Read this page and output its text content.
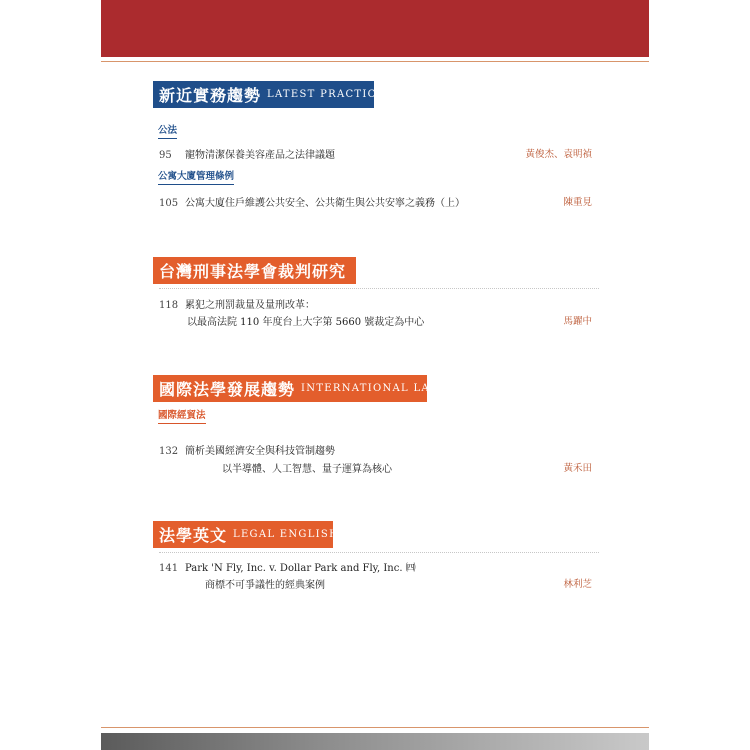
新近實務趨勢 LATEST PRACTICE
公法
95 寵物清潔保養美容產品之法律議題	黃俊杰、袁明禎
公寓大廈管理條例
105 公寓大廈住戶維護公共安全、公共衛生與公共安寧之義務（上）	陳重見
台灣刑事法學會裁判研究
118 累犯之刑罰裁量及量刑改革：
以最高法院 110 年度台上大字第 5660 號裁定為中心	馬躍中
國際法學發展趨勢 INTERNATIONAL LAW
國際經貿法
132 簡析美國經濟安全與科技管制趨勢
以半導體、人工智慧、量子運算為核心	黃禾田
法學英文 LEGAL ENGLISH
141 Park 'N Fly, Inc. v. Dollar Park and Fly, Inc. ㈣
商標不可爭議性的經典案例	林利芝
